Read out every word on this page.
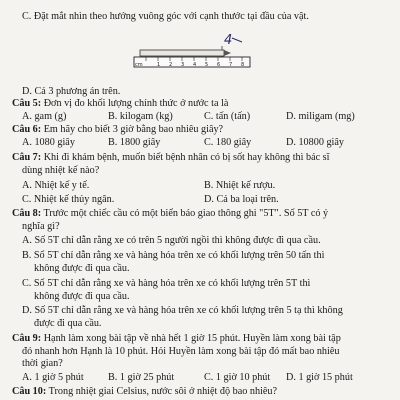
C. Đặt mắt nhìn theo hướng vuông góc với cạnh thước tại đầu của vật.
4
cm	1 2 3 4 5 6 7 8
D. Cả 3 phương án trên.
Câu 5: Đơn vị đo khối lượng chính thức ở nước ta là
A. gam (g)	B. kilogam (kg)	C. tấn (tấn)	D. miligam (mg)
Câu 6: Em hãy cho biết 3 giờ bằng bao nhiêu giây?
A. 1080 giây	B. 1800 giây	C. 180 giây	D. 10800 giây
Câu 7: Khi đi khám bệnh, muốn biết bệnh nhân có bị sốt hay không thì bác sĩ
dùng nhiệt kế nào?
A. Nhiệt kế y tế.	B. Nhiệt kế rượu.
C. Nhiệt kế thủy ngân.	D. Cả ba loại trên.
Câu 8: Trước một chiếc cầu có một biển báo giao thông ghi "5T". Số 5T có ý
nghĩa gì?
A. Số 5T chỉ dẫn rằng xe có trên 5 người ngồi thì không được đi qua cầu.
B. Số 5T chỉ dẫn rằng xe và hàng hóa trên xe có khối lượng trên 50 tấn thì
không được đi qua cầu.
C. Số 5T chỉ dẫn rằng xe và hàng hóa trên xe có khối lượng trên 5T thì
không được đi qua cầu.
D. Số 5T chỉ dẫn rằng xe và hàng hóa trên xe có khối lượng trên 5 tạ thì không
được đi qua cầu.
Câu 9: Hạnh làm xong bài tập về nhà hết 1 giờ 15 phút. Huyền làm xong bài tập
đó nhanh hơn Hạnh là 10 phút. Hỏi Huyền làm xong bài tập đó mất bao nhiêu
thời gian?
A. 1 giờ 5 phút B. 1 giờ 25 phút	C. 1 giờ 10 phút D. 1 giờ 15 phút
Câu 10: Trong nhiệt giai Celsius, nước sôi ở nhiệt độ bao nhiêu?
